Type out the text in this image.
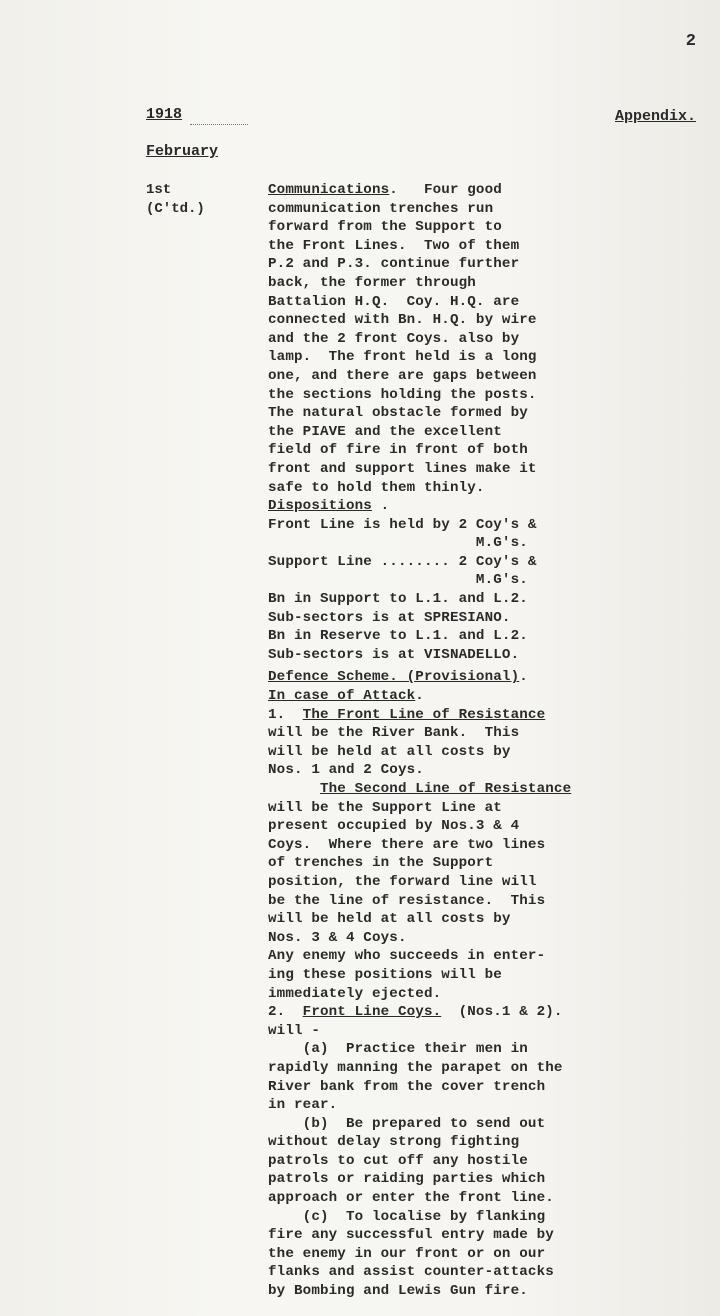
2
1918	Appendix.
February
1st
(C'td.)
Communications.   Four good
communication trenches run
forward from the Support to
the Front Lines.  Two of them
P.2 and P.3. continue further
back, the former through
Battalion H.Q.  Coy. H.Q. are
connected with Bn. H.Q. by wire
and the 2 front Coys. also by
lamp.  The front held is a long
one, and there are gaps between
the sections holding the posts.
The natural obstacle formed by
the PIAVE and the excellent
field of fire in front of both
front and support lines make it
safe to hold them thinly.
Dispositions .
Front Line is held by 2 Coy's &
M.G's.
Support Line ........ 2 Coy's &
M.G's.
Bn in Support to L.1. and L.2.
Sub-sectors is at SPRESIANO.
Bn in Reserve to L.1. and L.2.
Sub-sectors is at VISNADELLO.
Defence Scheme. (Provisional).
In case of Attack.
1.  The Front Line of Resistance
will be the River Bank.  This
will be held at all costs by
Nos. 1 and 2 Coys.
The Second Line of Resistance
will be the Support Line at
present occupied by Nos.3 & 4
Coys.  Where there are two lines
of trenches in the Support
position, the forward line will
be the line of resistance.  This
will be held at all costs by
Nos. 3 & 4 Coys.
Any enemy who succeeds in enter-
ing these positions will be
immediately ejected.
2.  Front Line Coys.  (Nos.1 & 2).
will -
(a)  Practice their men in
rapidly manning the parapet on the
River bank from the cover trench
in rear.
(b)  Be prepared to send out
without delay strong fighting
patrols to cut off any hostile
patrols or raiding parties which
approach or enter the front line.
(c)  To localise by flanking
fire any successful entry made by
the enemy in our front or on our
flanks and assist counter-attacks
by Bombing and Lewis Gun fire.
